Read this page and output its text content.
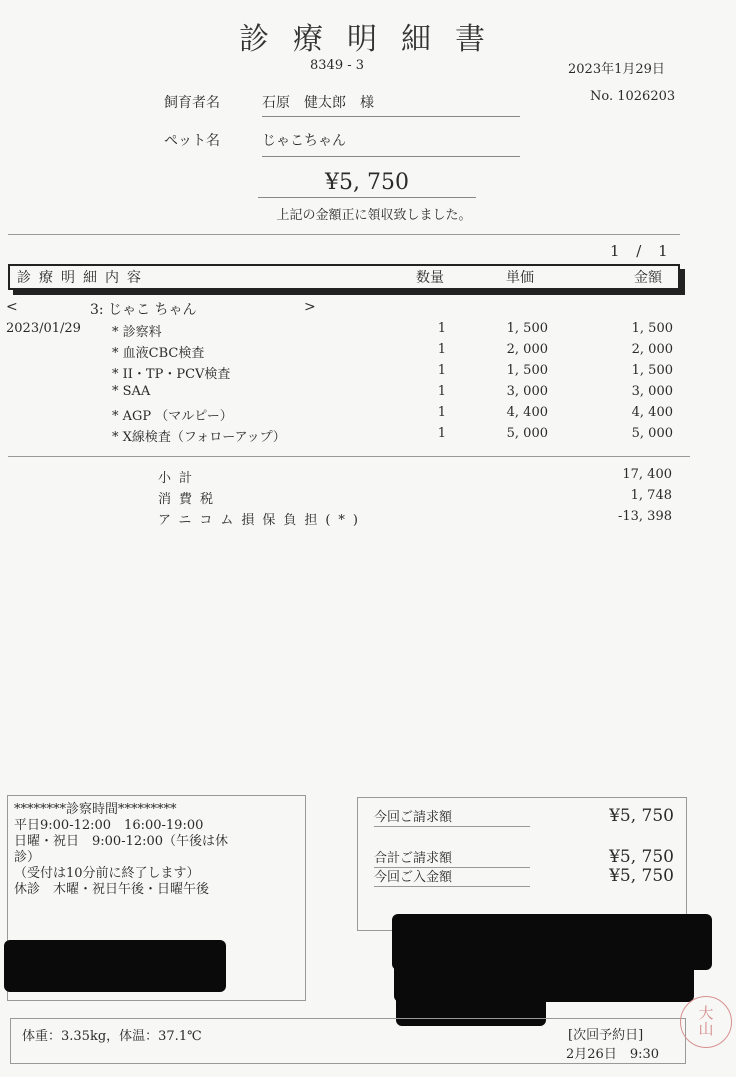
診療明細書
8349 - 3	2023年1月29日
No. 1026203
飼育者名	石原　健太郎　様
ペット名	じゃこちゃん
¥5, 750
上記の金額正に領収致しました。
1 / 1
診療明細内容	数量	単価	金額
<	3: じゃこ ちゃん	>
2023/01/29 * 診察料	1	1, 500	1, 500
* 血液CBC検査	1	2, 000	2, 000
* II・TP・PCV検査	1	1, 500	1, 500
* SAA	1	3, 000	3, 000
* AGP （マルピー）	1	4, 400	4, 400
* X線検査（フォローアップ）	1	5, 000	5, 000
小計	17, 400
消費税	1, 748
アニコム損保負担(*)	-13, 398
********診察時間*********
平日9:00-12:00　16:00-19:00
日曜・祝日　9:00-12:00（午後は休
診）
（受付は10分前に終了します）
休診　木曜・祝日午後・日曜午後
今回ご請求額	¥5, 750
合計ご請求額	¥5, 750
今回ご入金額	¥5, 750
体重：3.35kg，体温：37.1℃	[次回予約日]
2月26日　9:30
大
山
